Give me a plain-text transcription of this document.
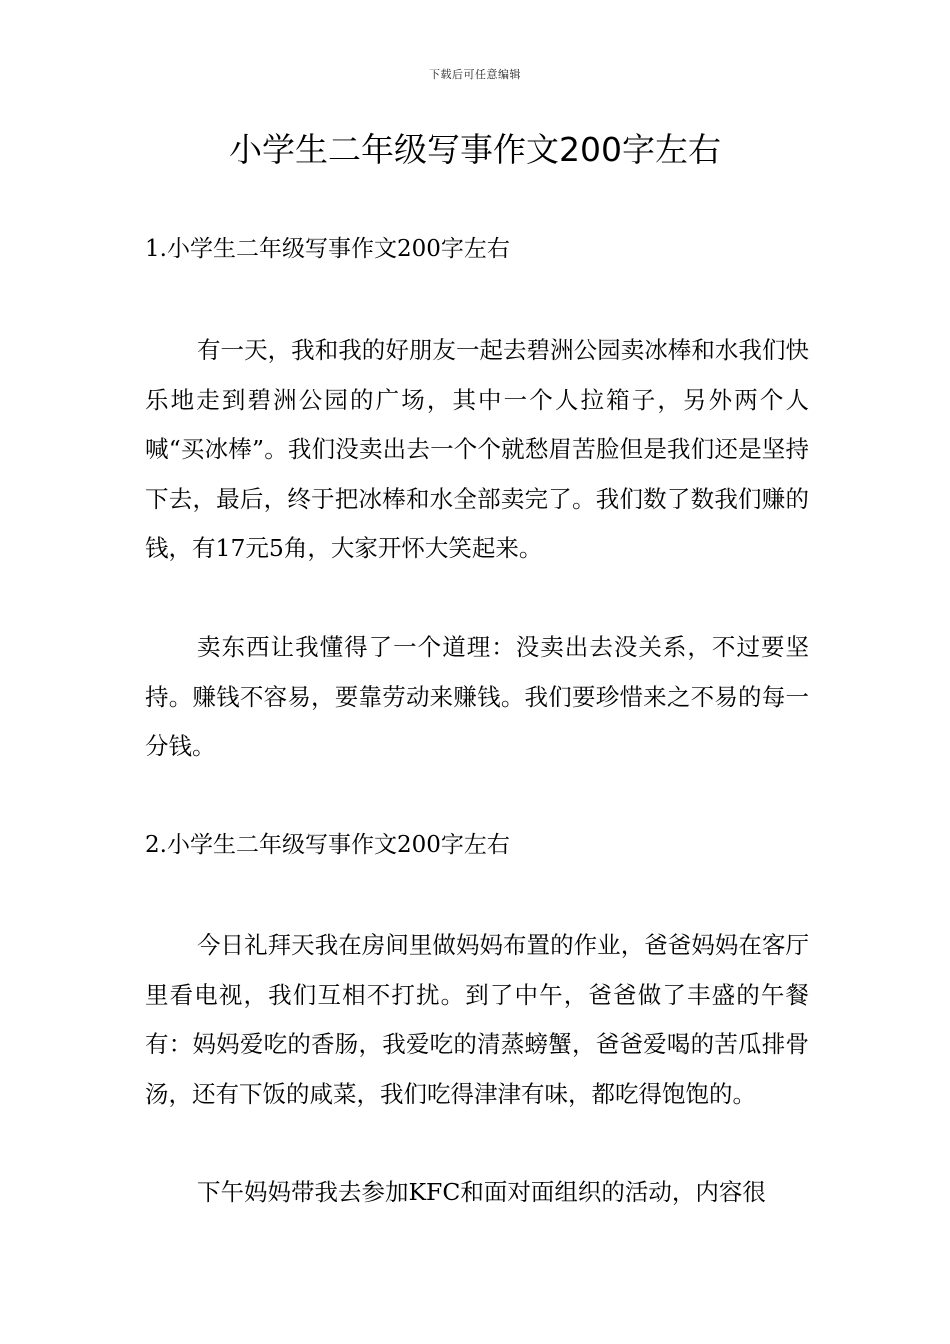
下载后可任意编辑
小学生二年级写事作文200字左右
1.小学生二年级写事作文200字左右

有一天，我和我的好朋友一起去碧洲公园卖冰棒和水我们快乐地走到碧洲公园的广场，其中一个人拉箱子，另外两个人喊“买冰棒”。我们没卖出去一个个就愁眉苦脸但是我们还是坚持下去，最后，终于把冰棒和水全部卖完了。我们数了数我们赚的钱，有17元5角，大家开怀大笑起来。

卖东西让我懂得了一个道理：没卖出去没关系，不过要坚持。赚钱不容易，要靠劳动来赚钱。我们要珍惜来之不易的每一分钱。

2.小学生二年级写事作文200字左右

今日礼拜天我在房间里做妈妈布置的作业，爸爸妈妈在客厅里看电视，我们互相不打扰。到了中午，爸爸做了丰盛的午餐有：妈妈爱吃的香肠，我爱吃的清蒸螃蟹，爸爸爱喝的苦瓜排骨汤，还有下饭的咸菜，我们吃得津津有味，都吃得饱饱的。

下午妈妈带我去参加KFC和面对面组织的活动，内容很
